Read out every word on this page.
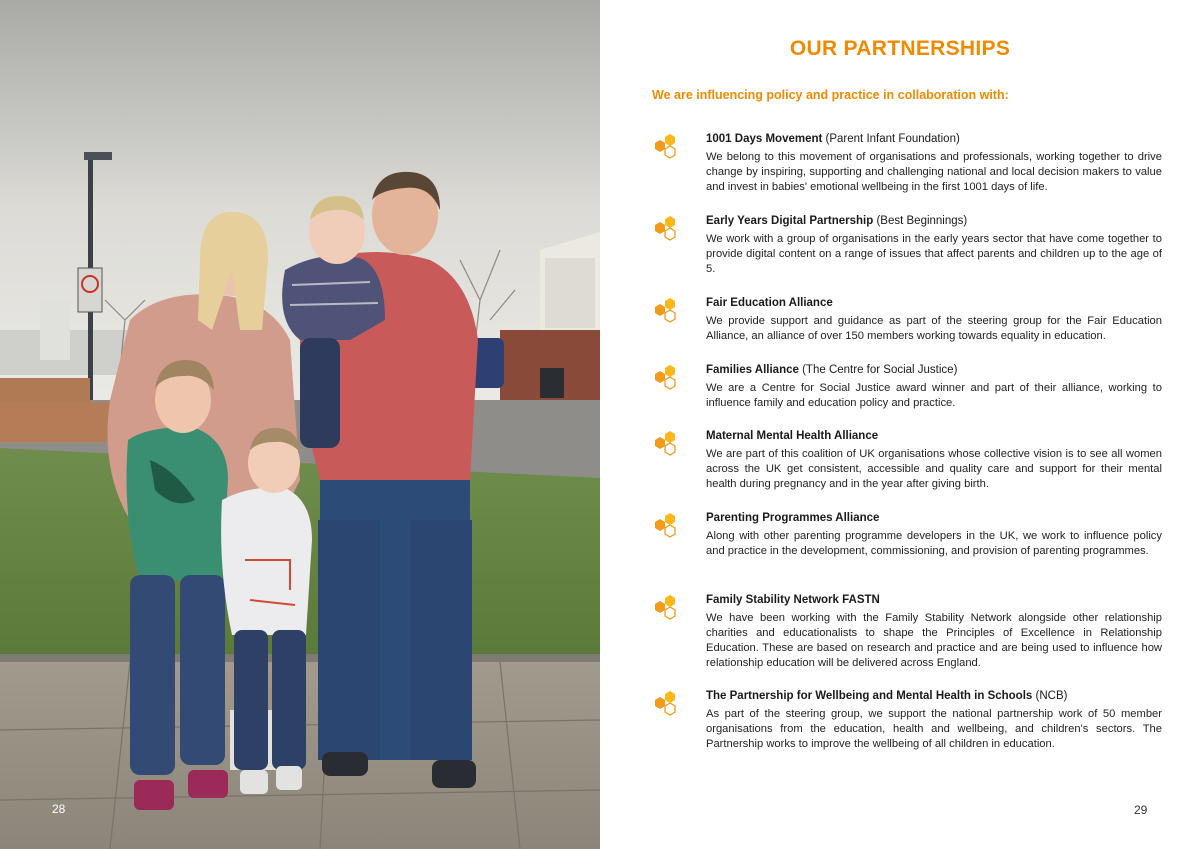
28
OUR PARTNERSHIPS
We are influencing policy and practice in collaboration with:
1001 Days Movement (Parent Infant Foundation)
We belong to this movement of organisations and professionals, working together to drive change by inspiring, supporting and challenging national and local decision makers to value and invest in babies' emotional wellbeing in the first 1001 days of life.
Early Years Digital Partnership (Best Beginnings)
We work with a group of organisations in the early years sector that have come together to provide digital content on a range of issues that affect parents and children up to the age of 5.
Fair Education Alliance
We provide support and guidance as part of the steering group for the Fair Education Alliance, an alliance of over 150 members working towards equality in education.
Families Alliance (The Centre for Social Justice)
We are a Centre for Social Justice award winner and part of their alliance, working to influence family and education policy and practice.
Maternal Mental Health Alliance
We are part of this coalition of UK organisations whose collective vision is to see all women across the UK get consistent, accessible and quality care and support for their mental health during pregnancy and in the year after giving birth.
Parenting Programmes Alliance
Along with other parenting programme developers in the UK, we work to influence policy and practice in the development, commissioning, and provision of parenting programmes.
Family Stability Network FASTN
We have been working with the Family Stability Network alongside other relationship charities and educationalists to shape the Principles of Excellence in Relationship Education. These are based on research and practice and are being used to influence how relationship education will be delivered across England.
The Partnership for Wellbeing and Mental Health in Schools (NCB)
As part of the steering group, we support the national partnership work of 50 member organisations from the education, health and wellbeing, and children's sectors. The Partnership works to improve the wellbeing of all children in education.
29
